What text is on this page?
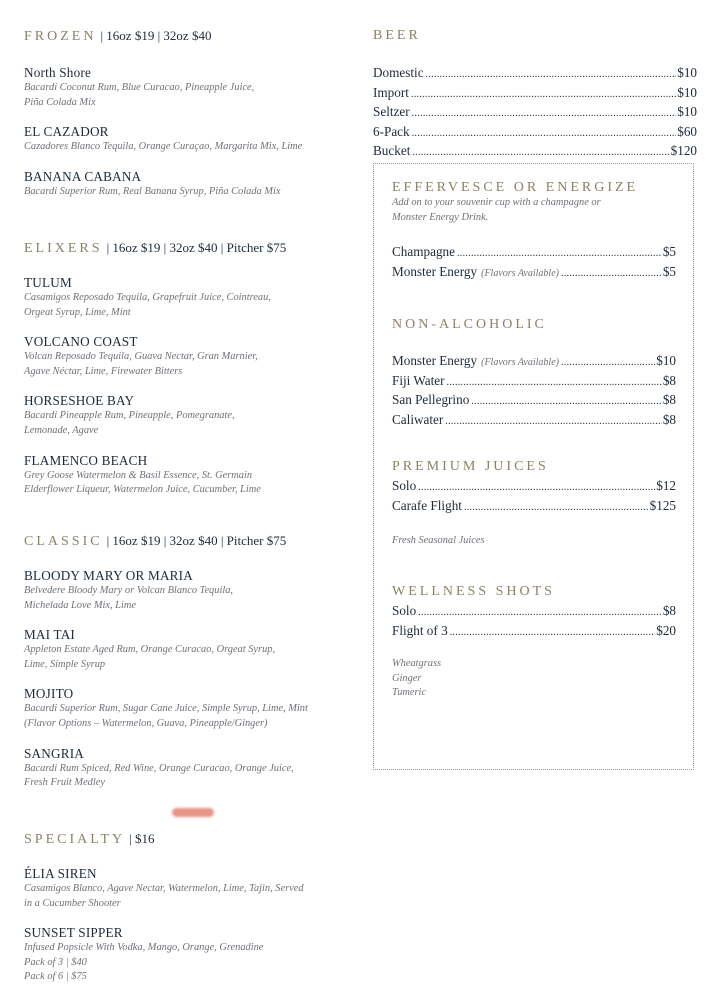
FROZEN | 16oz $19 | 32oz $40
North Shore
Bacardi Coconut Rum, Blue Curacao, Pineapple Juice,
Piña Colada Mix
EL CAZADOR
Cazadores Blanco Tequila, Orange Curaçao, Margarita Mix, Lime
BANANA CABANA
Bacardi Superior Rum, Real Banana Syrup, Piña Colada Mix
ELIXERS | 16oz $19 | 32oz $40 | Pitcher $75
TULUM
Casamigos Reposado Tequila, Grapefruit Juice, Cointreau,
Orgeat Syrup, Lime, Mint
VOLCANO COAST
Volcan Reposado Tequila, Guava Nectar, Gran Marnier,
Agave Néctar, Lime, Firewater Bitters
HORSESHOE BAY
Bacardi Pineapple Rum, Pineapple, Pomegranate,
Lemonade, Agave
FLAMENCO BEACH
Grey Goose Watermelon & Basil Essence, St. Germain
Elderflower Liqueur, Watermelon Juice, Cucumber, Lime
CLASSIC | 16oz $19 | 32oz $40 | Pitcher $75
BLOODY MARY OR MARIA
Belvedere Bloody Mary or Volcan Blanco Tequila,
Michelada Love Mix, Lime
MAI TAI
Appleton Estate Aged Rum, Orange Curacao, Orgeat Syrup,
Lime, Simple Syrup
MOJITO
Bacardi Superior Rum, Sugar Cane Juice, Simple Syrup, Lime, Mint
(Flavor Options – Watermelon, Guava, Pineapple/Ginger)
SANGRIA
Bacardi Rum Spiced, Red Wine, Orange Curacao, Orange Juice,
Fresh Fruit Medley
SPECIALTY | $16
ÉLIA SIREN
Casamigos Blanco, Agave Nectar, Watermelon, Lime, Tajin, Served
in a Cucumber Shooter
SUNSET SIPPER
Infused Popsicle With Vodka, Mango, Orange, Grenadine
Pack of 3 | $40
Pack of 6 | $75
BEER
Domestic .....	$10
Import .....	$10
Seltzer .....	$10
6-Pack .....	$60
Bucket .....	$120
EFFERVESCE OR ENERGIZE
Add on to your souvenir cup with a champagne or
Monster Energy Drink.
Champagne .....	$5
Monster Energy (Flavors Available) .....	$5
NON-ALCOHOLIC
Monster Energy (Flavors Available) .....	$10
Fiji Water .....	$8
San Pellegrino .....	$8
Caliwater .....	$8
PREMIUM JUICES
Solo .....	$12
Carafe Flight .....	$125
Fresh Seasonal Juices
WELLNESS SHOTS
Solo .....	$8
Flight of 3 .....	$20
Wheatgrass
Ginger
Tumeric
